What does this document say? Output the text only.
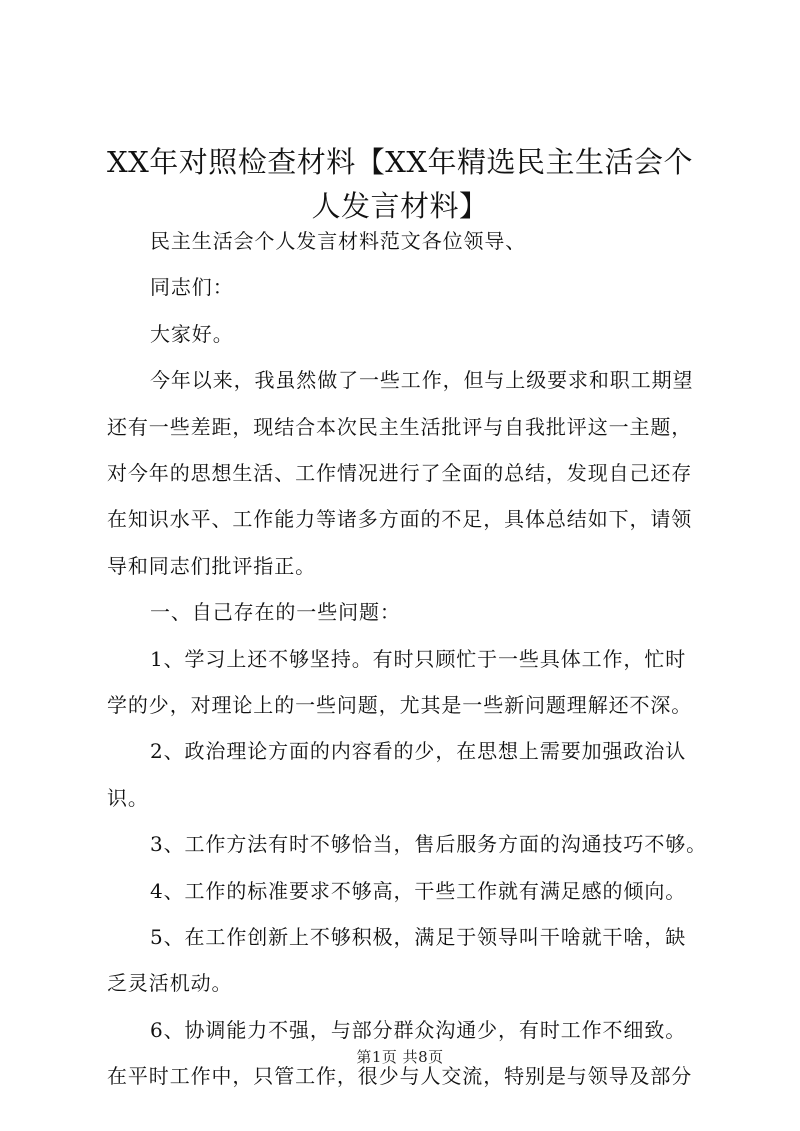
XX年对照检查材料【XX年精选民主生活会个
人发言材料】
民主生活会个人发言材料范文各位领导、
同志们：
大家好。
今年以来，我虽然做了一些工作，但与上级要求和职工期望
还有一些差距，现结合本次民主生活批评与自我批评这一主题，
对今年的思想生活、工作情况进行了全面的总结，发现自己还存
在知识水平、工作能力等诸多方面的不足，具体总结如下，请领
导和同志们批评指正。
一、自己存在的一些问题：
1、学习上还不够坚持。有时只顾忙于一些具体工作，忙时
学的少，对理论上的一些问题，尤其是一些新问题理解还不深。
2、政治理论方面的内容看的少，在思想上需要加强政治认
识。
3、工作方法有时不够恰当，售后服务方面的沟通技巧不够。
4、工作的标准要求不够高，干些工作就有满足感的倾向。
5、在工作创新上不够积极，满足于领导叫干啥就干啥，缺
乏灵活机动。
6、协调能力不强，与部分群众沟通少，有时工作不细致。
在平时工作中，只管工作，很少与人交流，特别是与领导及部分
第1页 共8页
